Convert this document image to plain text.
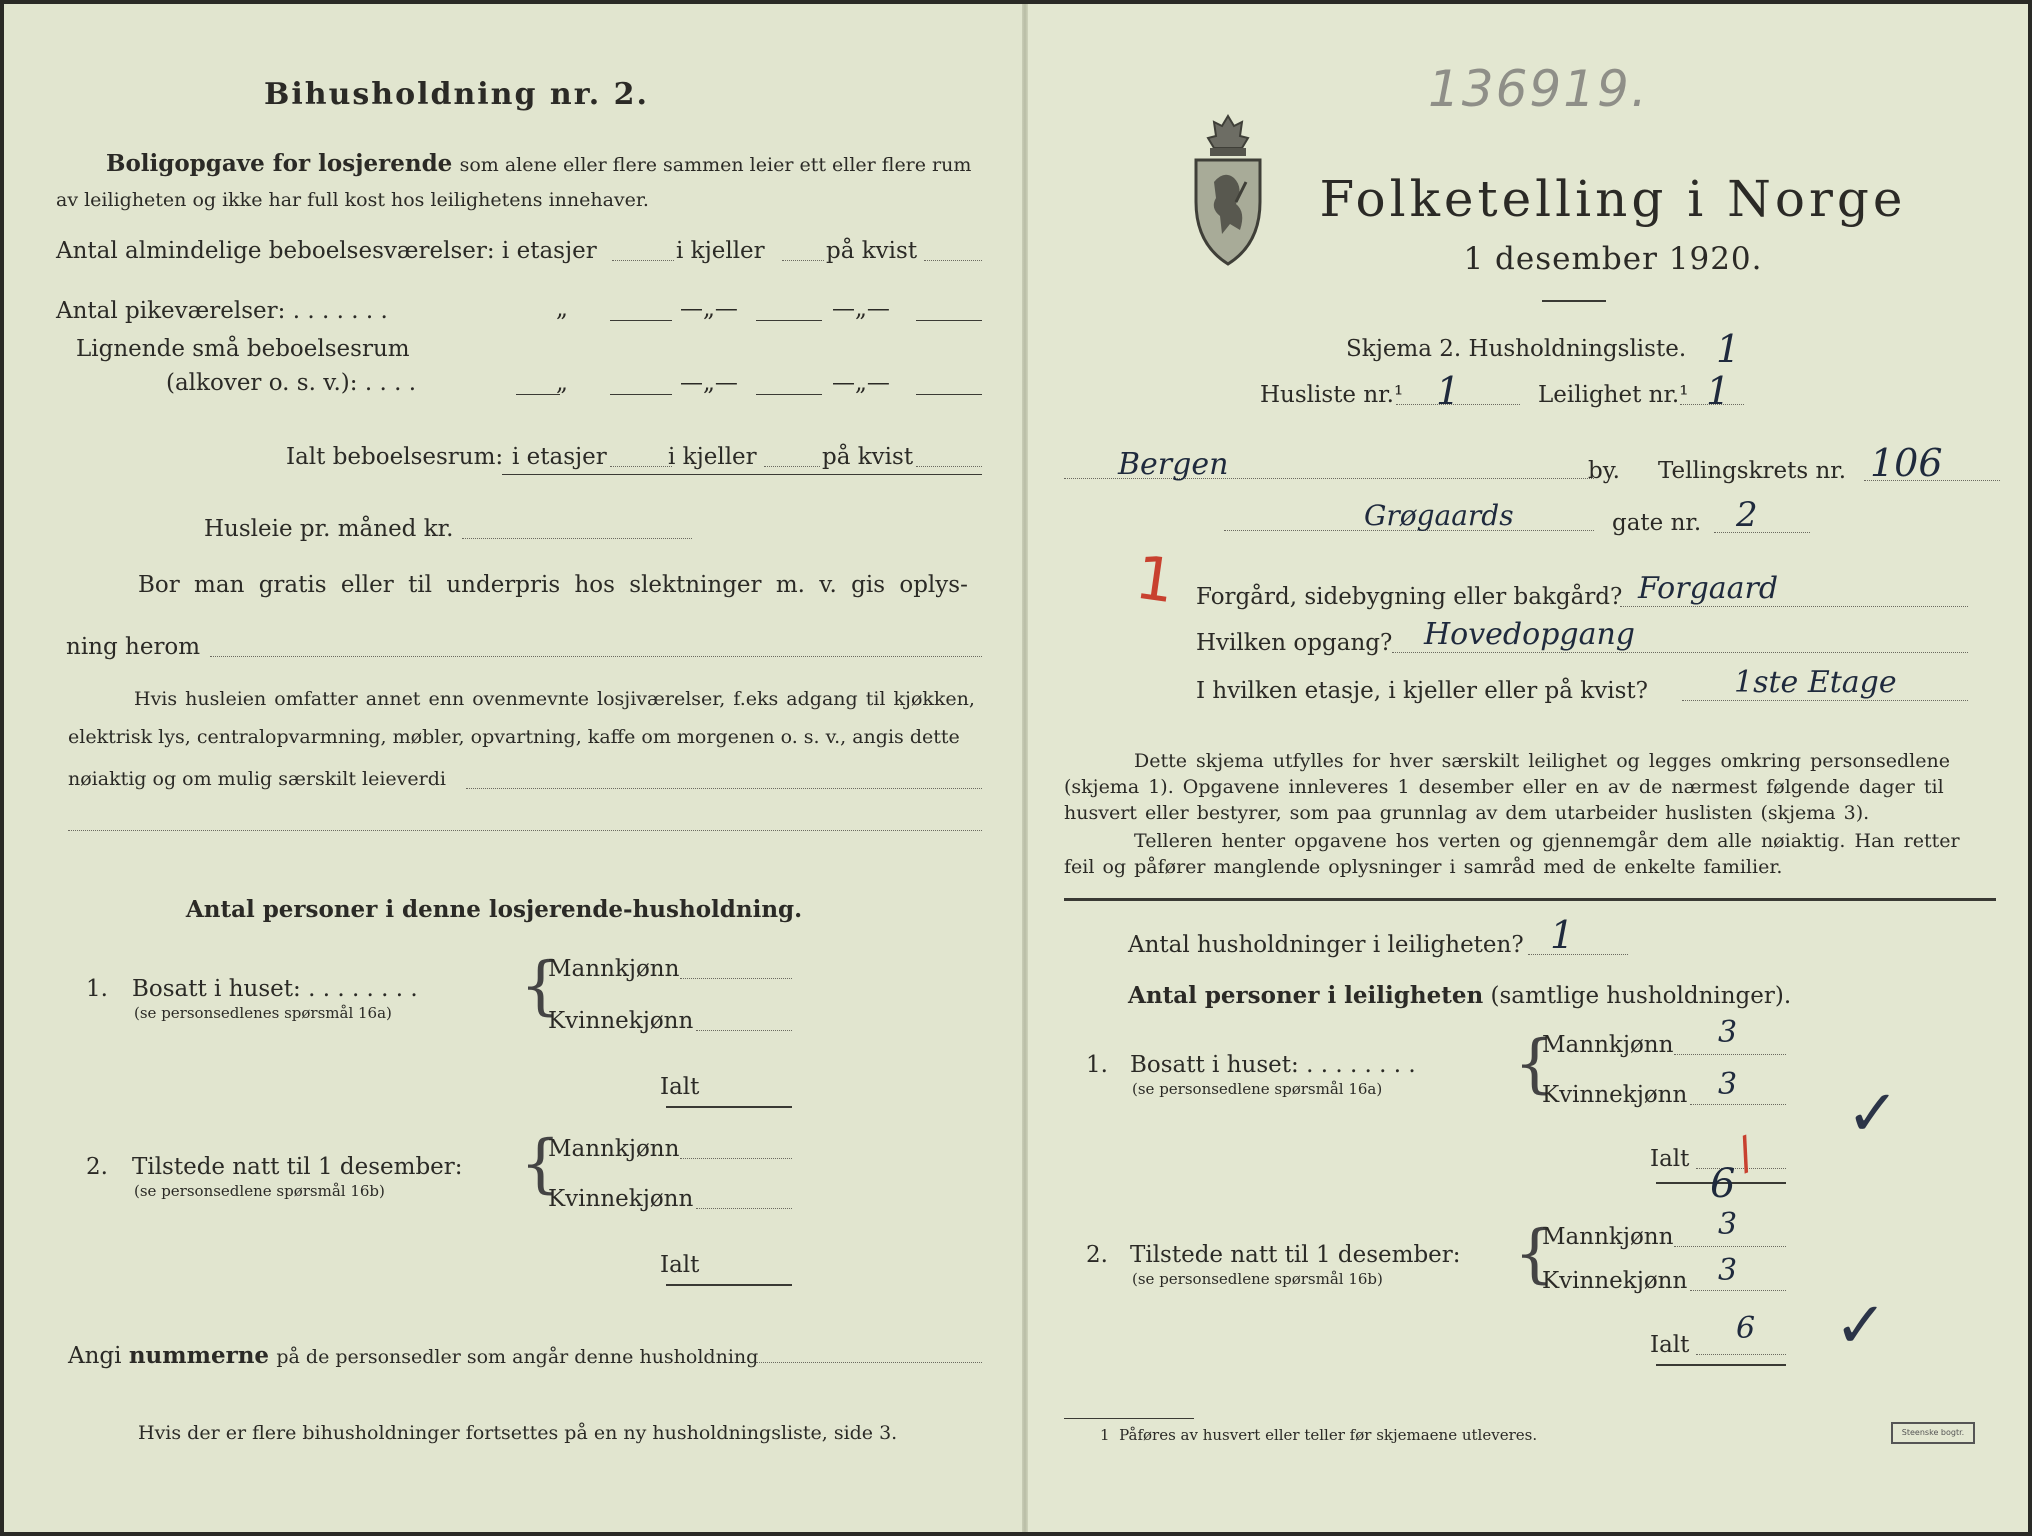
Bihusholdning nr. 2.
Boligopgave for losjerende som alene eller flere sammen leier ett eller flere rum
av leiligheten og ikke har full kost hos leilighetens innehaver.
Antal almindelige beboelsesværelser: i etasjer	i kjeller	på kvist
Antal pikeværelser: . . . . . . .	„	—„—	—„—
Lignende små beboelsesrum
(alkover o. s. v.): . . . .	„	—„—	—„—
Ialt beboelsesrum: i etasjer	i kjeller	på kvist
Husleie pr. måned kr.
Bor man gratis eller til underpris hos slektninger m. v. gis oplys-
ning herom
Hvis husleien omfatter annet enn ovenmevnte losjiværelser, f.eks adgang til kjøkken,
elektrisk lys, centralopvarmning, møbler, opvartning, kaffe om morgenen o. s. v., angis dette
nøiaktig og om mulig særskilt leieverdi
Antal personer i denne losjerende-husholdning.
1. Bosatt i huset: . . . . . . . .
(se personsedlenes spørsmål 16a) {
Mannkjønn
Kvinnekjønn
Ialt
2. Tilstede natt til 1 desember:
(se personsedlene spørsmål 16b) {
Mannkjønn
Kvinnekjønn
Ialt
Angi nummerne på de personsedler som angår denne husholdning
Hvis der er flere bihusholdninger fortsettes på en ny husholdningsliste, side 3.
136919.
Folketelling i Norge
1 desember 1920.
Skjema 2. Husholdningsliste. 1
Husliste nr.¹ 1	Leilighet nr.¹ 1
Bergen	by. Tellingskrets nr. 106
Grøgaards	gate nr. 2
1 Forgård, sidebygning eller bakgård? Forgaard
Hvilken opgang? Hovedopgang
I hvilken etasje, i kjeller eller på kvist?	1ste Etage
Dette skjema utfylles for hver særskilt leilighet og legges omkring personsedlene
(skjema 1). Opgavene innleveres 1 desember eller en av de nærmest følgende dager til
husvert eller bestyrer, som paa grunnlag av dem utarbeider huslisten (skjema 3).
Telleren henter opgavene hos verten og gjennemgår dem alle nøiaktig. Han retter
feil og påfører manglende oplysninger i samråd med de enkelte familier.
Antal husholdninger i leiligheten? 1
Antal personer i leiligheten (samtlige husholdninger).
1. Bosatt i huset: . . . . . . . .
(se personsedlene spørsmål 16a) {
Mannkjønn 3
Kvinnekjønn 3
Ialt
6
/
✓
2. Tilstede natt til 1 desember:
(se personsedlene spørsmål 16b) {
Mannkjønn 3
Kvinnekjønn 3
Ialt 6 ✓
1 Påføres av husvert eller teller før skjemaene utleveres.	Steenske bogtr.
